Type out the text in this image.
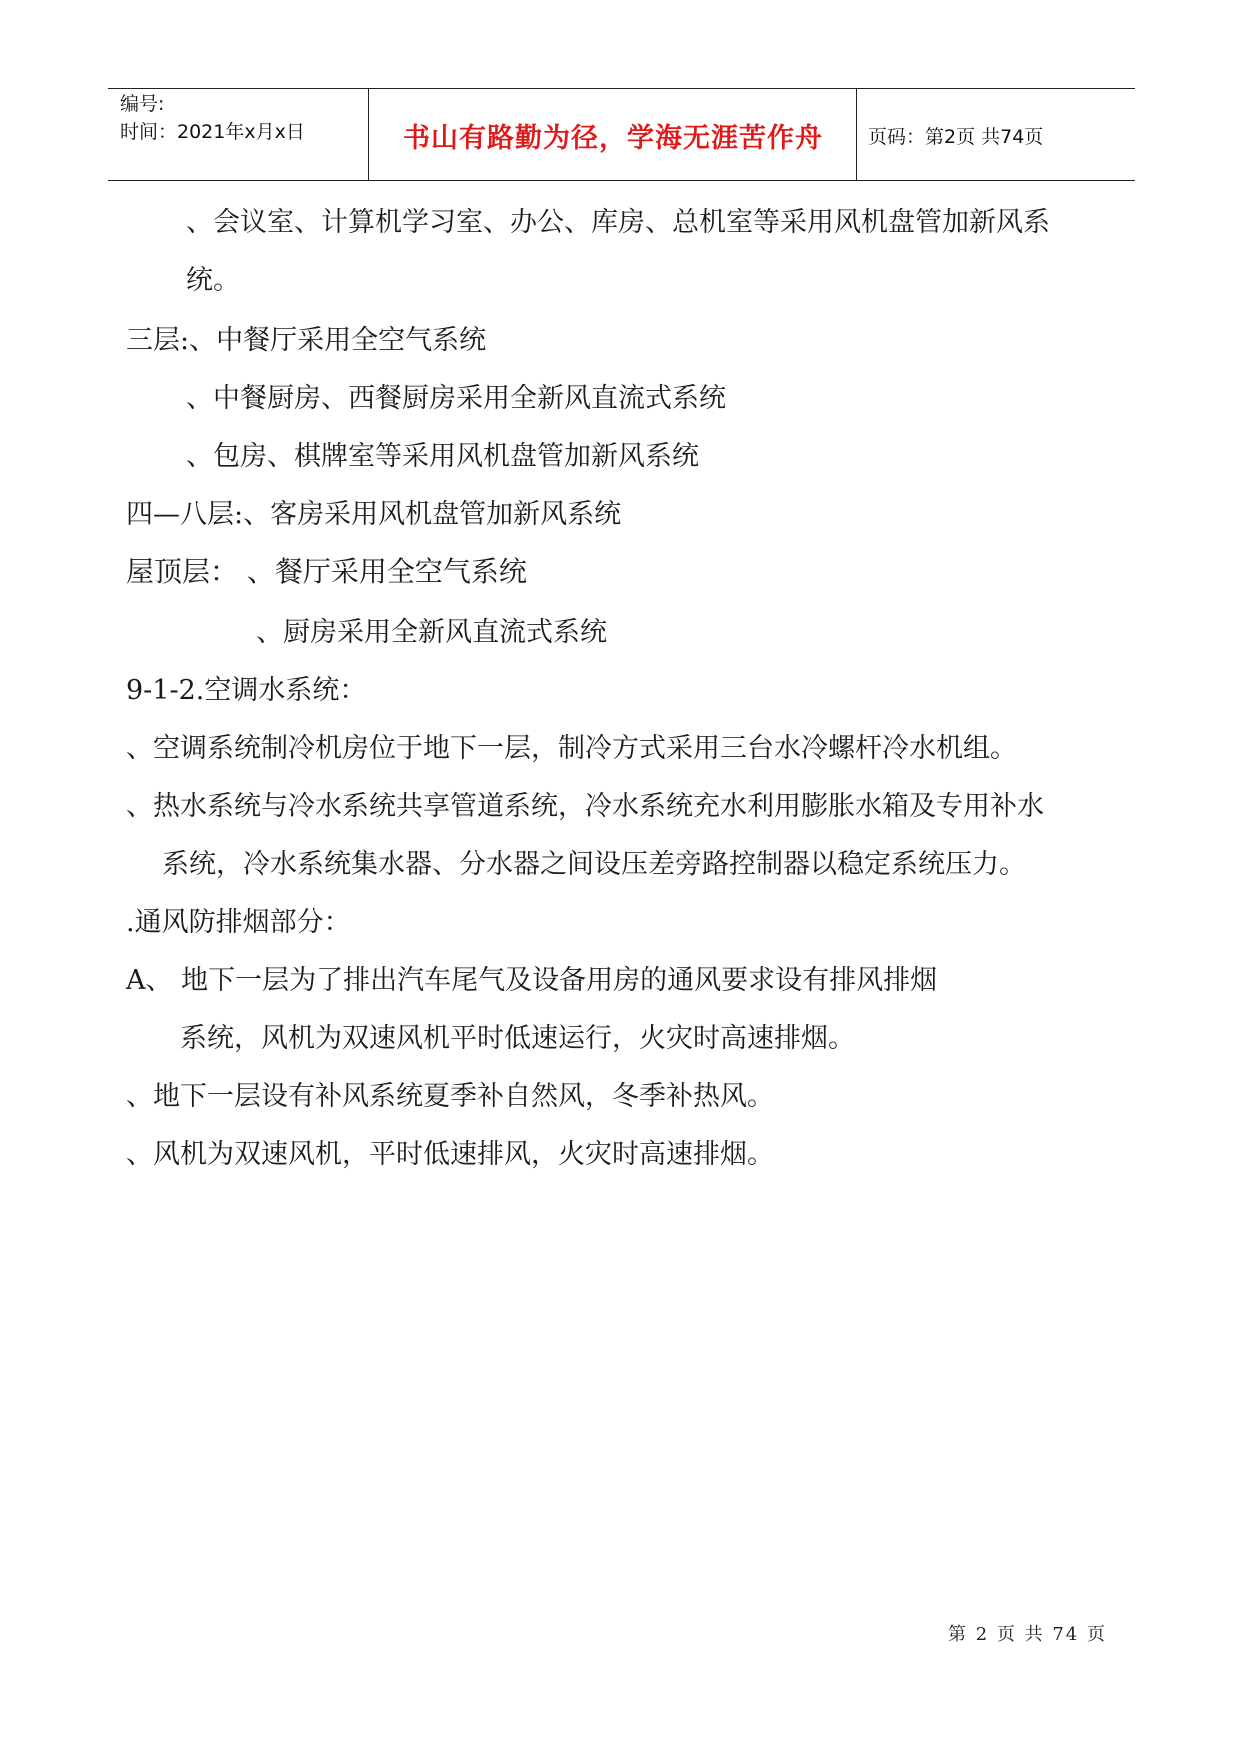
编号:
时间：2021年x月x日	书山有路勤为径，学海无涯苦作舟	页码：第2页 共74页
、会议室、计算机学习室、办公、库房、总机室等采用风机盘管加新风系
统。
三层:、中餐厅采用全空气系统
、中餐厨房、西餐厨房采用全新风直流式系统
、包房、棋牌室等采用风机盘管加新风系统
四—八层:、客房采用风机盘管加新风系统
屋顶层： 、餐厅采用全空气系统
、厨房采用全新风直流式系统
9-1-2.空调水系统：
、空调系统制冷机房位于地下一层，制冷方式采用三台水冷螺杆冷水机组。
、热水系统与冷水系统共享管道系统，冷水系统充水利用膨胀水箱及专用补水
系统，冷水系统集水器、分水器之间设压差旁路控制器以稳定系统压力。
.通风防排烟部分：
A、 地下一层为了排出汽车尾气及设备用房的通风要求设有排风排烟
系统，风机为双速风机平时低速运行，火灾时高速排烟。
、地下一层设有补风系统夏季补自然风，冬季补热风。
、风机为双速风机，平时低速排风，火灾时高速排烟。
第 2 页 共 74 页
